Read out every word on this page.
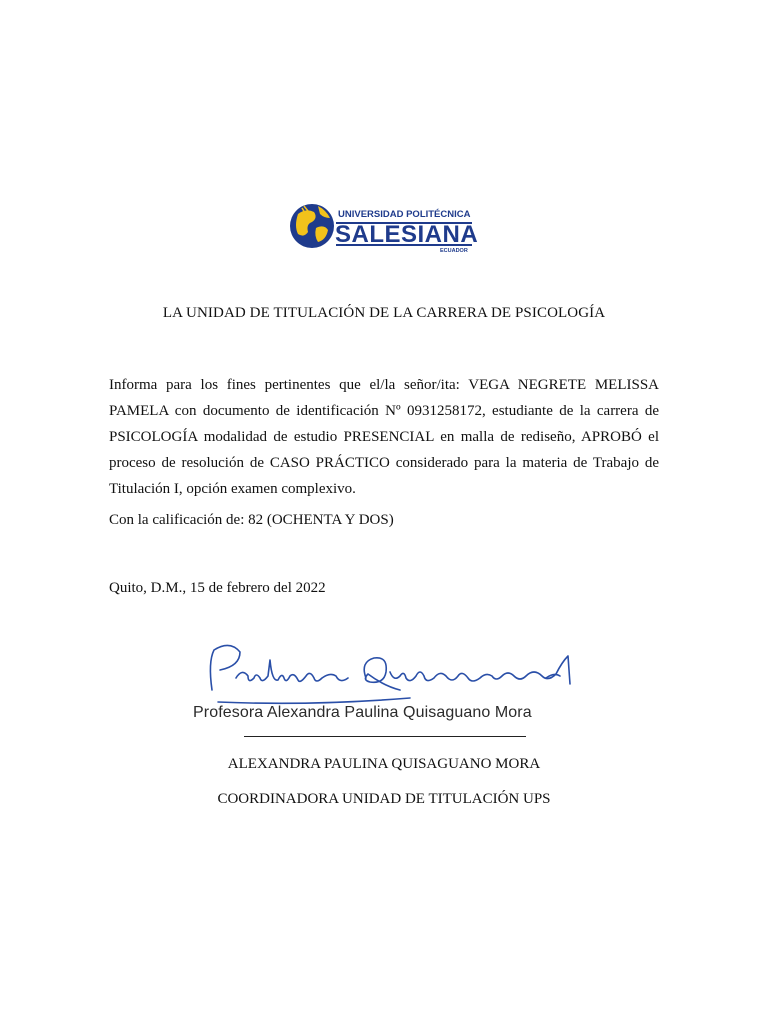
UNIVERSIDAD POLITÉCNICA
SALESIANA
ECUADOR
LA UNIDAD DE TITULACIÓN DE LA CARRERA DE PSICOLOGÍA
Informa para los fines pertinentes que el/la señor/ita: VEGA NEGRETE MELISSA PAMELA con documento de identificación Nº 0931258172, estudiante de la carrera de PSICOLOGÍA modalidad de estudio PRESENCIAL en malla de rediseño, APROBÓ el proceso de resolución de CASO PRÁCTICO considerado para la materia de Trabajo de Titulación I, opción examen complexivo.
Con la calificación de: 82 (OCHENTA Y DOS)
Quito, D.M., 15 de febrero del 2022
Profesora Alexandra Paulina Quisaguano Mora
ALEXANDRA PAULINA QUISAGUANO MORA
COORDINADORA UNIDAD DE TITULACIÓN UPS
